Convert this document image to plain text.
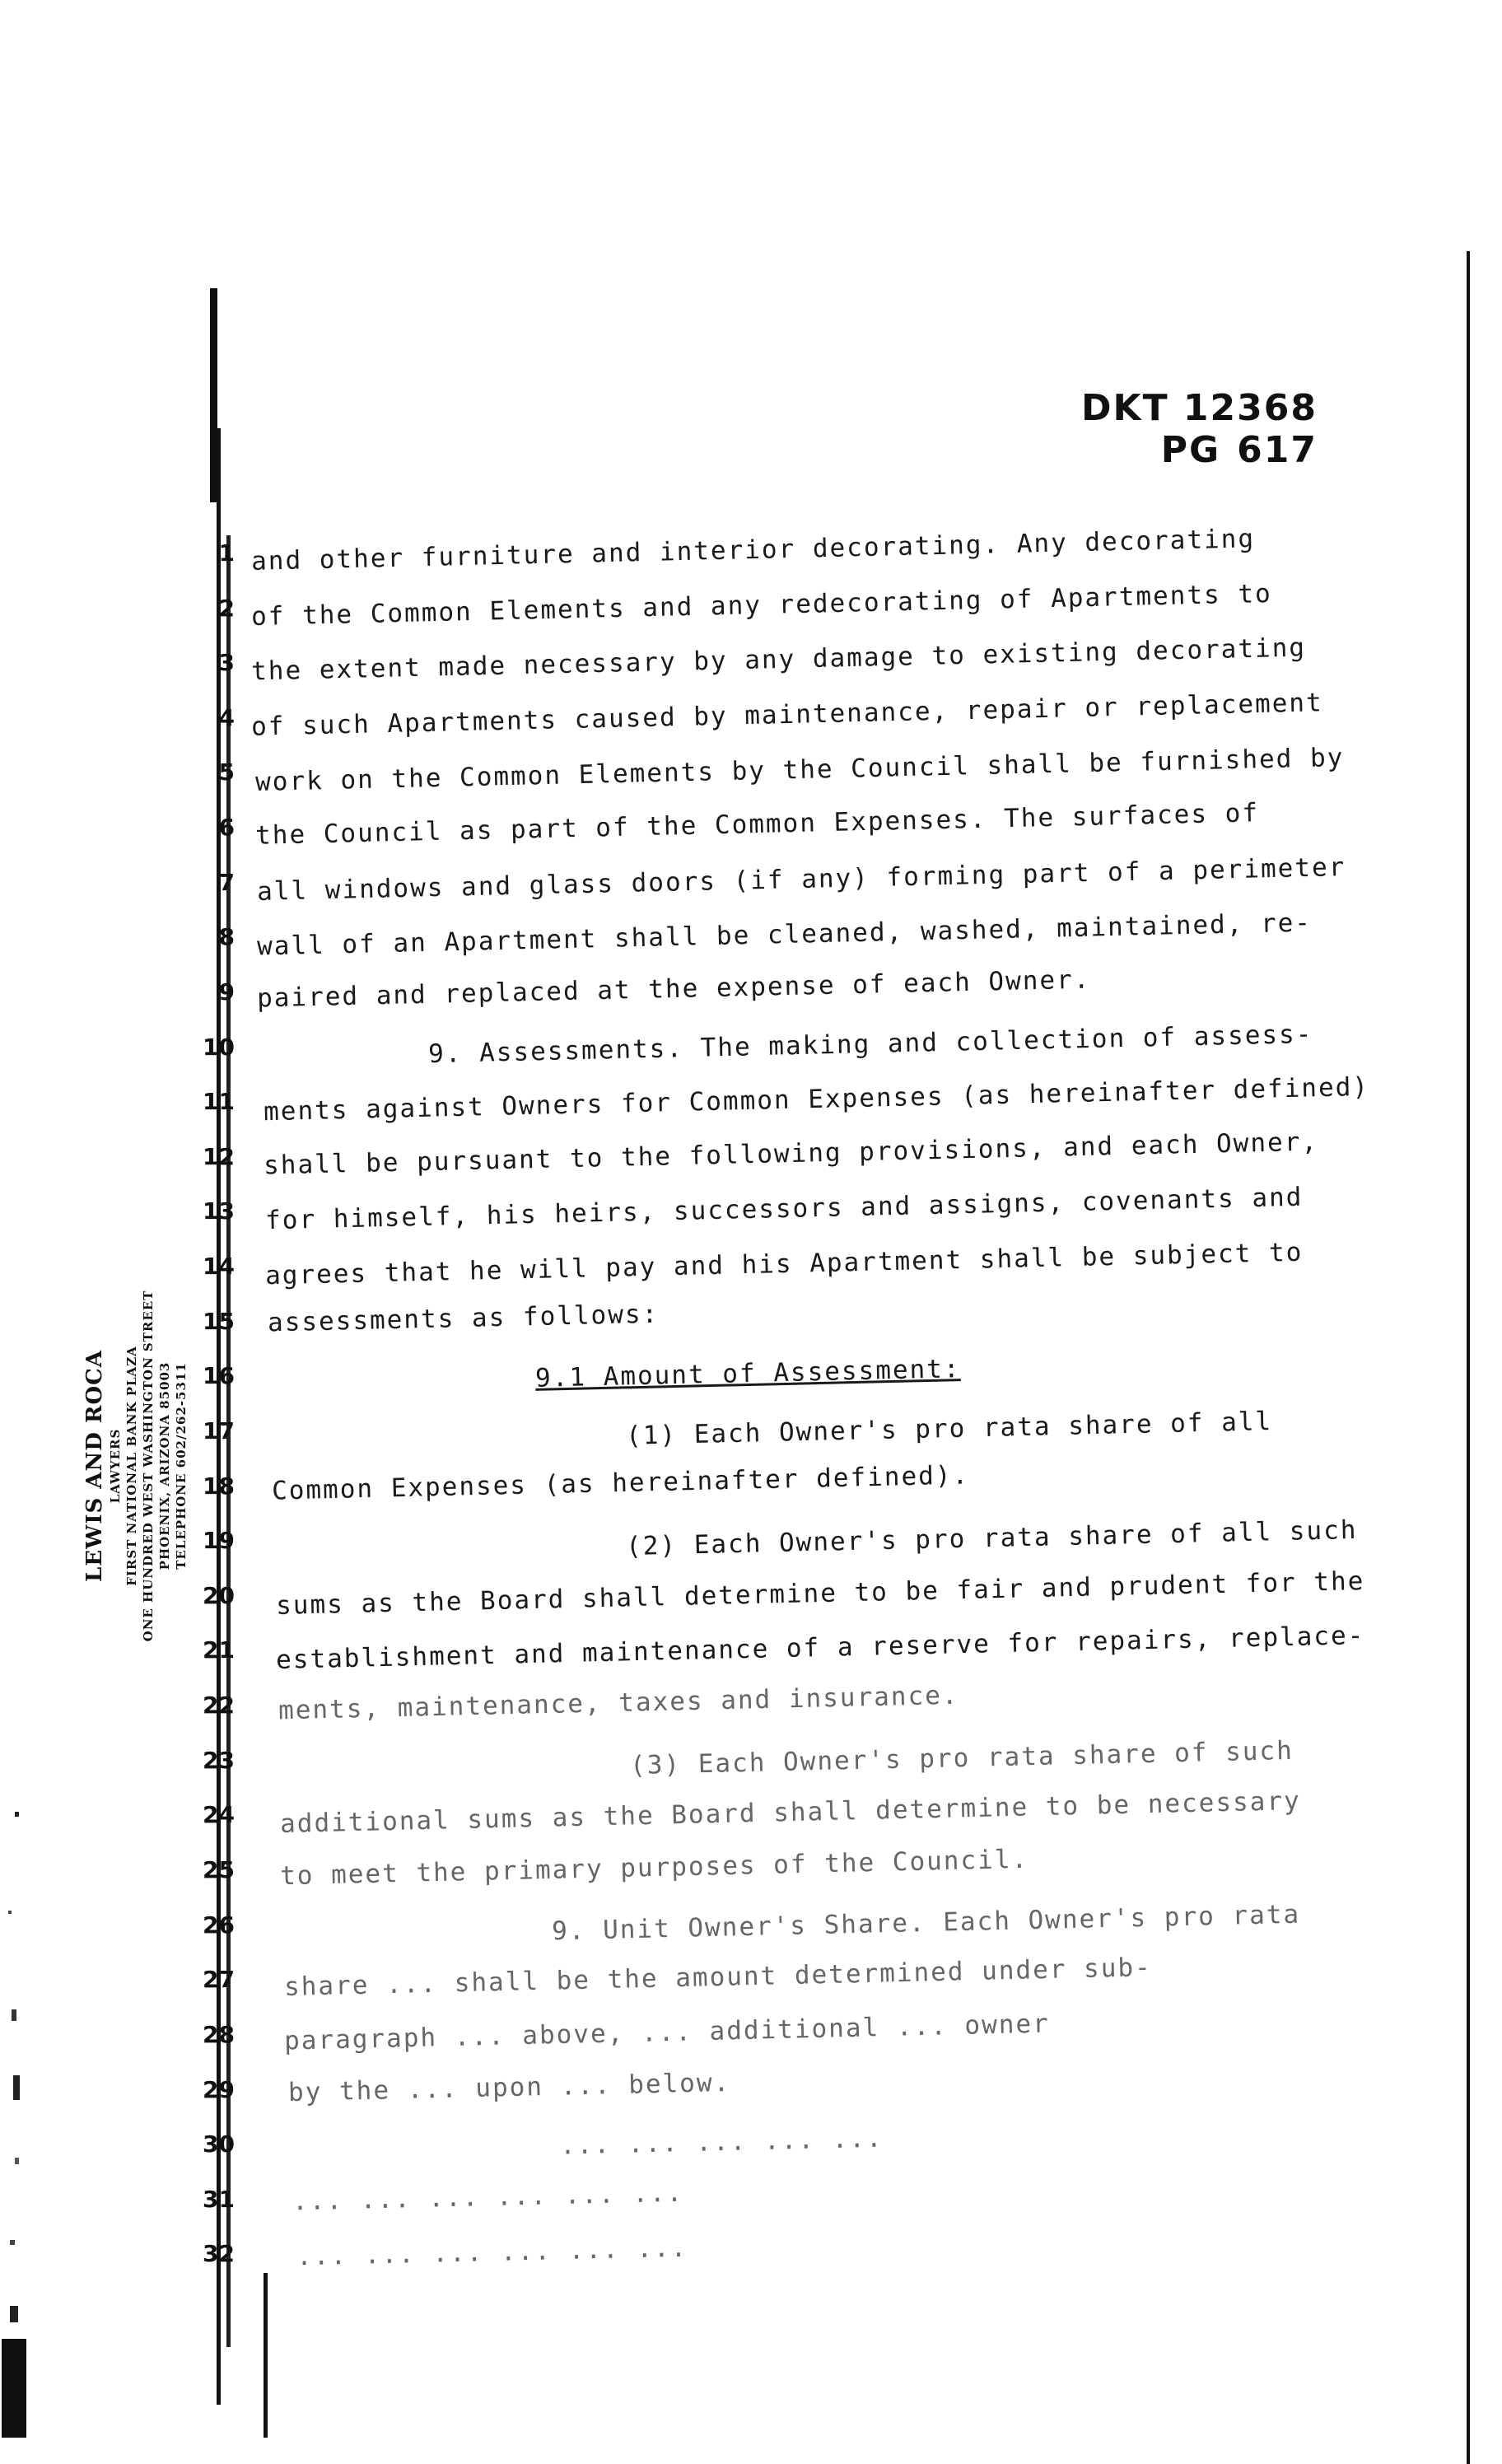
DKT 12368 PG 617
1
2
3
4
5
6
7
8
9
10
11
12
13
14
15
16
17
18
19
20
21
22
23
24
25
26
27
28
29
30
31
32
and other furniture and interior decorating. Any decorating
of the Common Elements and any redecorating of Apartments to
the extent made necessary by any damage to existing decorating
of such Apartments caused by maintenance, repair or replacement
work on the Common Elements by the Council shall be furnished by
the Council as part of the Common Expenses. The surfaces of
all windows and glass doors (if any) forming part of a perimeter
wall of an Apartment shall be cleaned, washed, maintained, re-
paired and replaced at the expense of each Owner.
9. Assessments. The making and collection of assess-
ments against Owners for Common Expenses (as hereinafter defined)
shall be pursuant to the following provisions, and each Owner,
for himself, his heirs, successors and assigns, covenants and
agrees that he will pay and his Apartment shall be subject to
assessments as follows:
9.1 Amount of Assessment:
(1) Each Owner's pro rata share of all
Common Expenses (as hereinafter defined).
(2) Each Owner's pro rata share of all such
sums as the Board shall determine to be fair and prudent for the
establishment and maintenance of a reserve for repairs, replace-
ments, maintenance, taxes and insurance.
(3) Each Owner's pro rata share of such
additional sums as the Board shall determine to be necessary
to meet the primary purposes of the Council.
9. Unit Owner's Share. Each Owner's pro rata
share ... shall be the amount determined under sub-
paragraph ... above, ... additional ... owner
by the ... upon ... below.
... ... ... ... ...
... ... ... ... ... ...
... ... ... ... ... ...
LEWIS AND ROCA LAWYERS FIRST NATIONAL BANK PLAZA ONE HUNDRED WEST WASHINGTON STREET PHOENIX, ARIZONA 85003 TELEPHONE 602/262-5311
